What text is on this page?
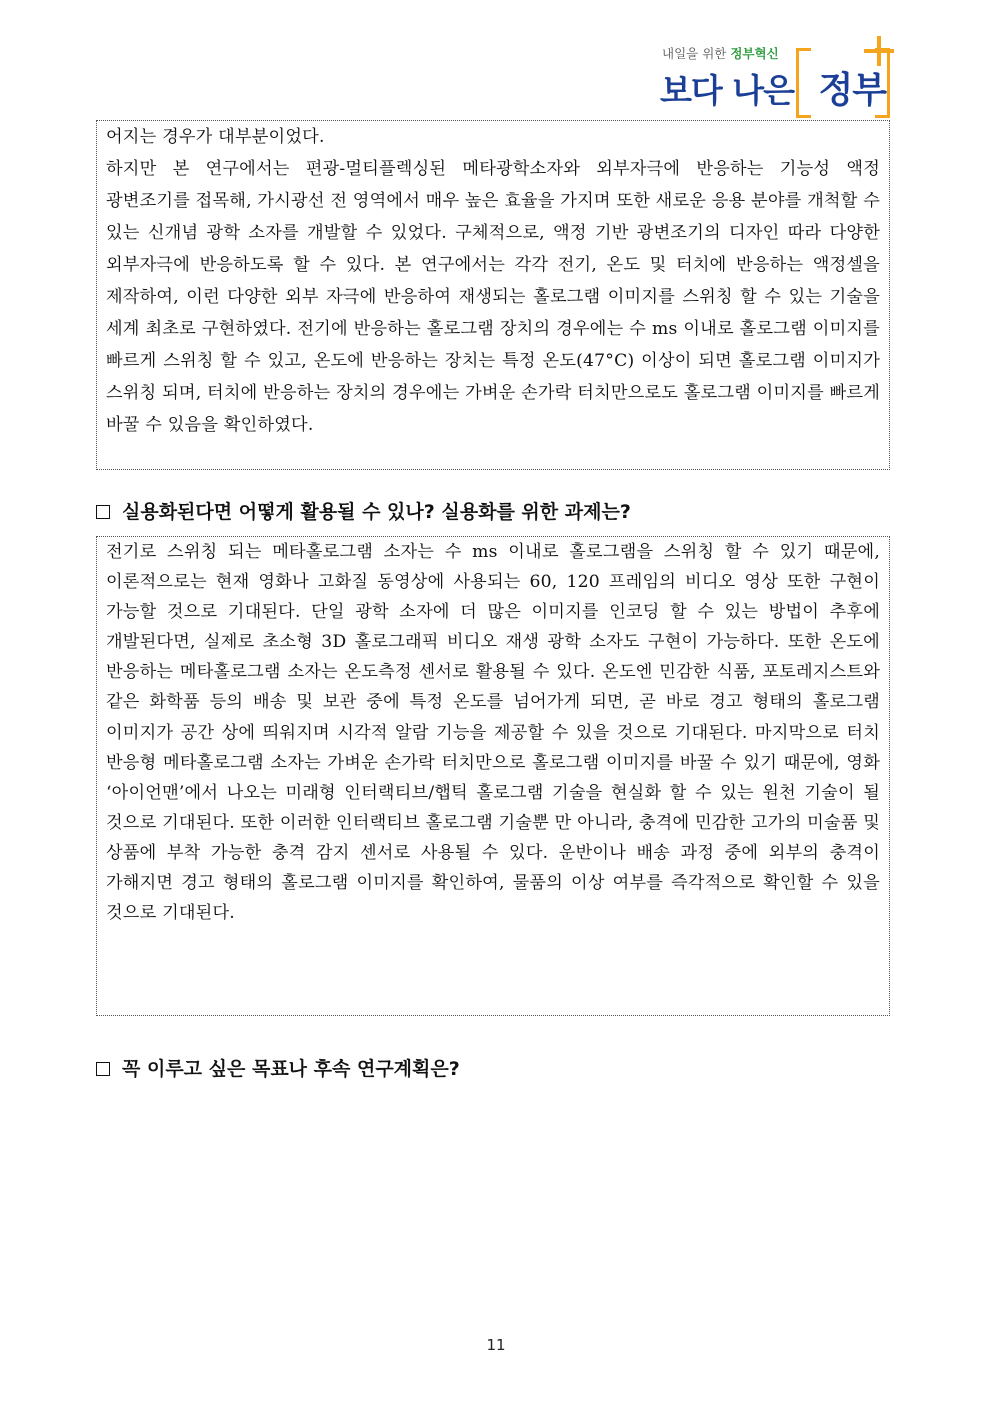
내일을 위한 정부혁신
보다 나은 정부

어지는 경우가 대부분이었다.

하지만 본 연구에서는 편광-멀티플렉싱된 메타광학소자와 외부자극에 반응하는 기능성 액정 광변조기를 접목해, 가시광선 전 영역에서 매우 높은 효율을 가지며 또한 새로운 응용 분야를 개척할 수 있는 신개념 광학 소자를 개발할 수 있었다. 구체적으로, 액정 기반 광변조기의 디자인 따라 다양한 외부자극에 반응하도록 할 수 있다. 본 연구에서는 각각 전기, 온도 및 터치에 반응하는 액정셀을 제작하여, 이런 다양한 외부 자극에 반응하여 재생되는 홀로그램 이미지를 스위칭 할 수 있는 기술을 세계 최초로 구현하였다. 전기에 반응하는 홀로그램 장치의 경우에는 수 ms 이내로 홀로그램 이미지를 빠르게 스위칭 할 수 있고, 온도에 반응하는 장치는 특정 온도(47°C) 이상이 되면 홀로그램 이미지가 스위칭 되며, 터치에 반응하는 장치의 경우에는 가벼운 손가락 터치만으로도 홀로그램 이미지를 빠르게 바꿀 수 있음을 확인하였다.

실용화된다면 어떻게 활용될 수 있나? 실용화를 위한 과제는?

전기로 스위칭 되는 메타홀로그램 소자는 수 ms 이내로 홀로그램을 스위칭 할 수 있기 때문에, 이론적으로는 현재 영화나 고화질 동영상에 사용되는 60, 120 프레임의 비디오 영상 또한 구현이 가능할 것으로 기대된다. 단일 광학 소자에 더 많은 이미지를 인코딩 할 수 있는 방법이 추후에 개발된다면, 실제로 초소형 3D 홀로그래픽 비디오 재생 광학 소자도 구현이 가능하다. 또한 온도에 반응하는 메타홀로그램 소자는 온도측정 센서로 활용될 수 있다. 온도엔 민감한 식품, 포토레지스트와 같은 화학품 등의 배송 및 보관 중에 특정 온도를 넘어가게 되면, 곧 바로 경고 형태의 홀로그램 이미지가 공간 상에 띄워지며 시각적 알람 기능을 제공할 수 있을 것으로 기대된다. 마지막으로 터치 반응형 메타홀로그램 소자는 가벼운 손가락 터치만으로 홀로그램 이미지를 바꿀 수 있기 때문에, 영화 ‘아이언맨’에서 나오는 미래형 인터랙티브/햅틱 홀로그램 기술을 현실화 할 수 있는 원천 기술이 될 것으로 기대된다. 또한 이러한 인터랙티브 홀로그램 기술뿐 만 아니라, 충격에 민감한 고가의 미술품 및 상품에 부착 가능한 충격 감지 센서로 사용될 수 있다. 운반이나 배송 과정 중에 외부의 충격이 가해지면 경고 형태의 홀로그램 이미지를 확인하여, 물품의 이상 여부를 즉각적으로 확인할 수 있을 것으로 기대된다.

꼭 이루고 싶은 목표나 후속 연구계획은?
11
